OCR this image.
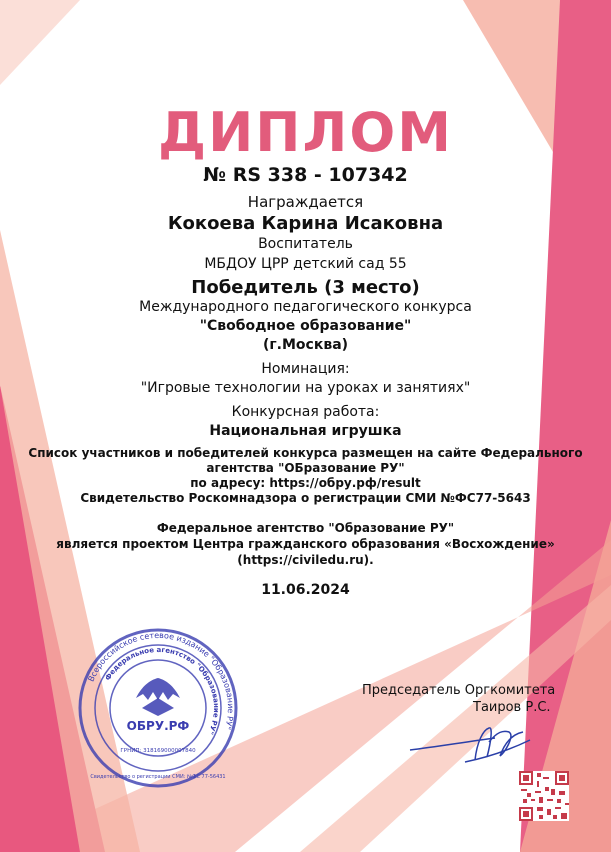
ДИПЛОМ
№ RS 338 - 107342
Награждается
Кокоева Карина Исаковна
Воспитатель
МБДОУ ЦРР детский сад 55
Победитель (3 место)
Международного педагогического конкурса
"Свободное образование"
(г.Москва)
Номинация:
"Игровые технологии на уроках и занятиях"
Конкурсная работа:
Национальная игрушка
Список участников и победителей конкурса размещен на сайте Федерального
агентства "ОБразование РУ"
по адресу: https://обру.рф/result
Свидетельство Роскомнадзора о регистрации СМИ №ФС77-5643
Федеральное агентство "Образование РУ"
является проектом Центра гражданского образования «Восхождение»
(https://civiledu.ru).
11.06.2024
Председатель Оргкомитета
Таиров Р.С.
Всероссийское сетевое издание "Образование РУ"
Федеральное агентство "Образование РУ"
ОБРУ.РФ
ГРНИП: 318169000007840
Свидетельство о регистрации СМИ: №ФС 77-56431
